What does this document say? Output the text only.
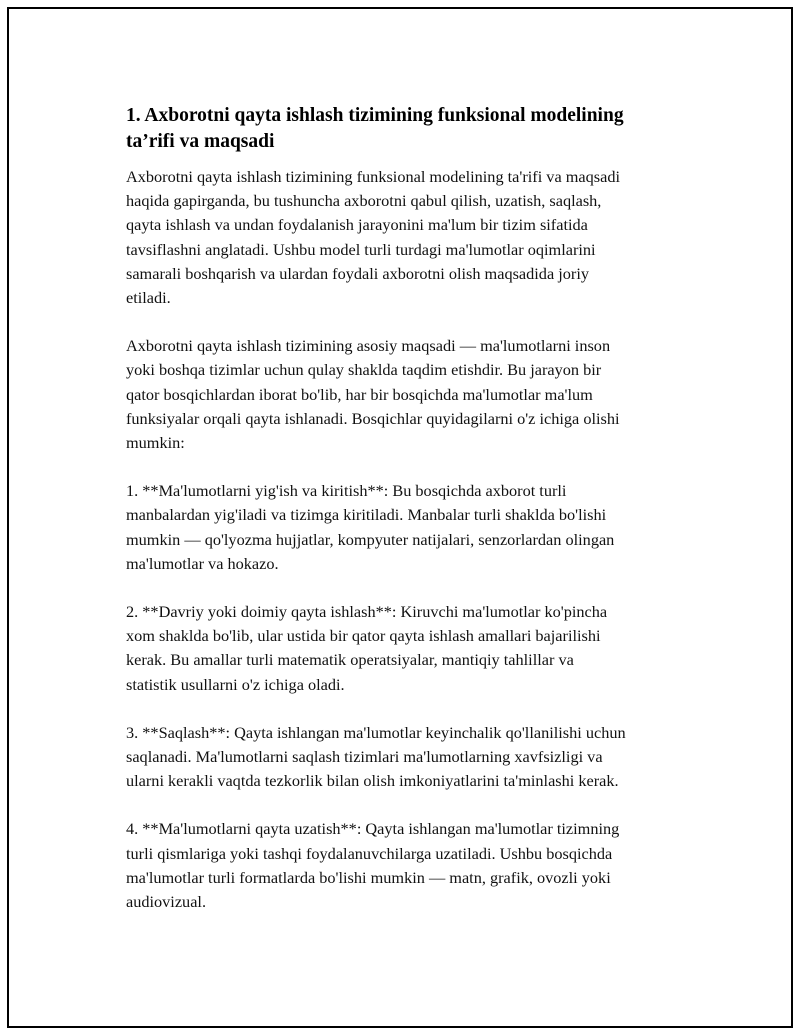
1. Axborotni qayta ishlash tizimining funksional modelining
ta’rifi va maqsadi

Axborotni qayta ishlash tizimining funksional modelining ta'rifi va maqsadi
haqida gapirganda, bu tushuncha axborotni qabul qilish, uzatish, saqlash,
qayta ishlash va undan foydalanish jarayonini ma'lum bir tizim sifatida
tavsiflashni anglatadi. Ushbu model turli turdagi ma'lumotlar oqimlarini
samarali boshqarish va ulardan foydali axborotni olish maqsadida joriy
etiladi.

Axborotni qayta ishlash tizimining asosiy maqsadi — ma'lumotlarni inson
yoki boshqa tizimlar uchun qulay shaklda taqdim etishdir. Bu jarayon bir
qator bosqichlardan iborat bo'lib, har bir bosqichda ma'lumotlar ma'lum
funksiyalar orqali qayta ishlanadi. Bosqichlar quyidagilarni o'z ichiga olishi
mumkin:

1. **Ma'lumotlarni yig'ish va kiritish**: Bu bosqichda axborot turli
manbalardan yig'iladi va tizimga kiritiladi. Manbalar turli shaklda bo'lishi
mumkin — qo'lyozma hujjatlar, kompyuter natijalari, senzorlardan olingan
ma'lumotlar va hokazo.

2. **Davriy yoki doimiy qayta ishlash**: Kiruvchi ma'lumotlar ko'pincha
xom shaklda bo'lib, ular ustida bir qator qayta ishlash amallari bajarilishi
kerak. Bu amallar turli matematik operatsiyalar, mantiqiy tahlillar va
statistik usullarni o'z ichiga oladi.

3. **Saqlash**: Qayta ishlangan ma'lumotlar keyinchalik qo'llanilishi uchun
saqlanadi. Ma'lumotlarni saqlash tizimlari ma'lumotlarning xavfsizligi va
ularni kerakli vaqtda tezkorlik bilan olish imkoniyatlarini ta'minlashi kerak.

4. **Ma'lumotlarni qayta uzatish**: Qayta ishlangan ma'lumotlar tizimning
turli qismlariga yoki tashqi foydalanuvchilarga uzatiladi. Ushbu bosqichda
ma'lumotlar turli formatlarda bo'lishi mumkin — matn, grafik, ovozli yoki
audiovizual.
